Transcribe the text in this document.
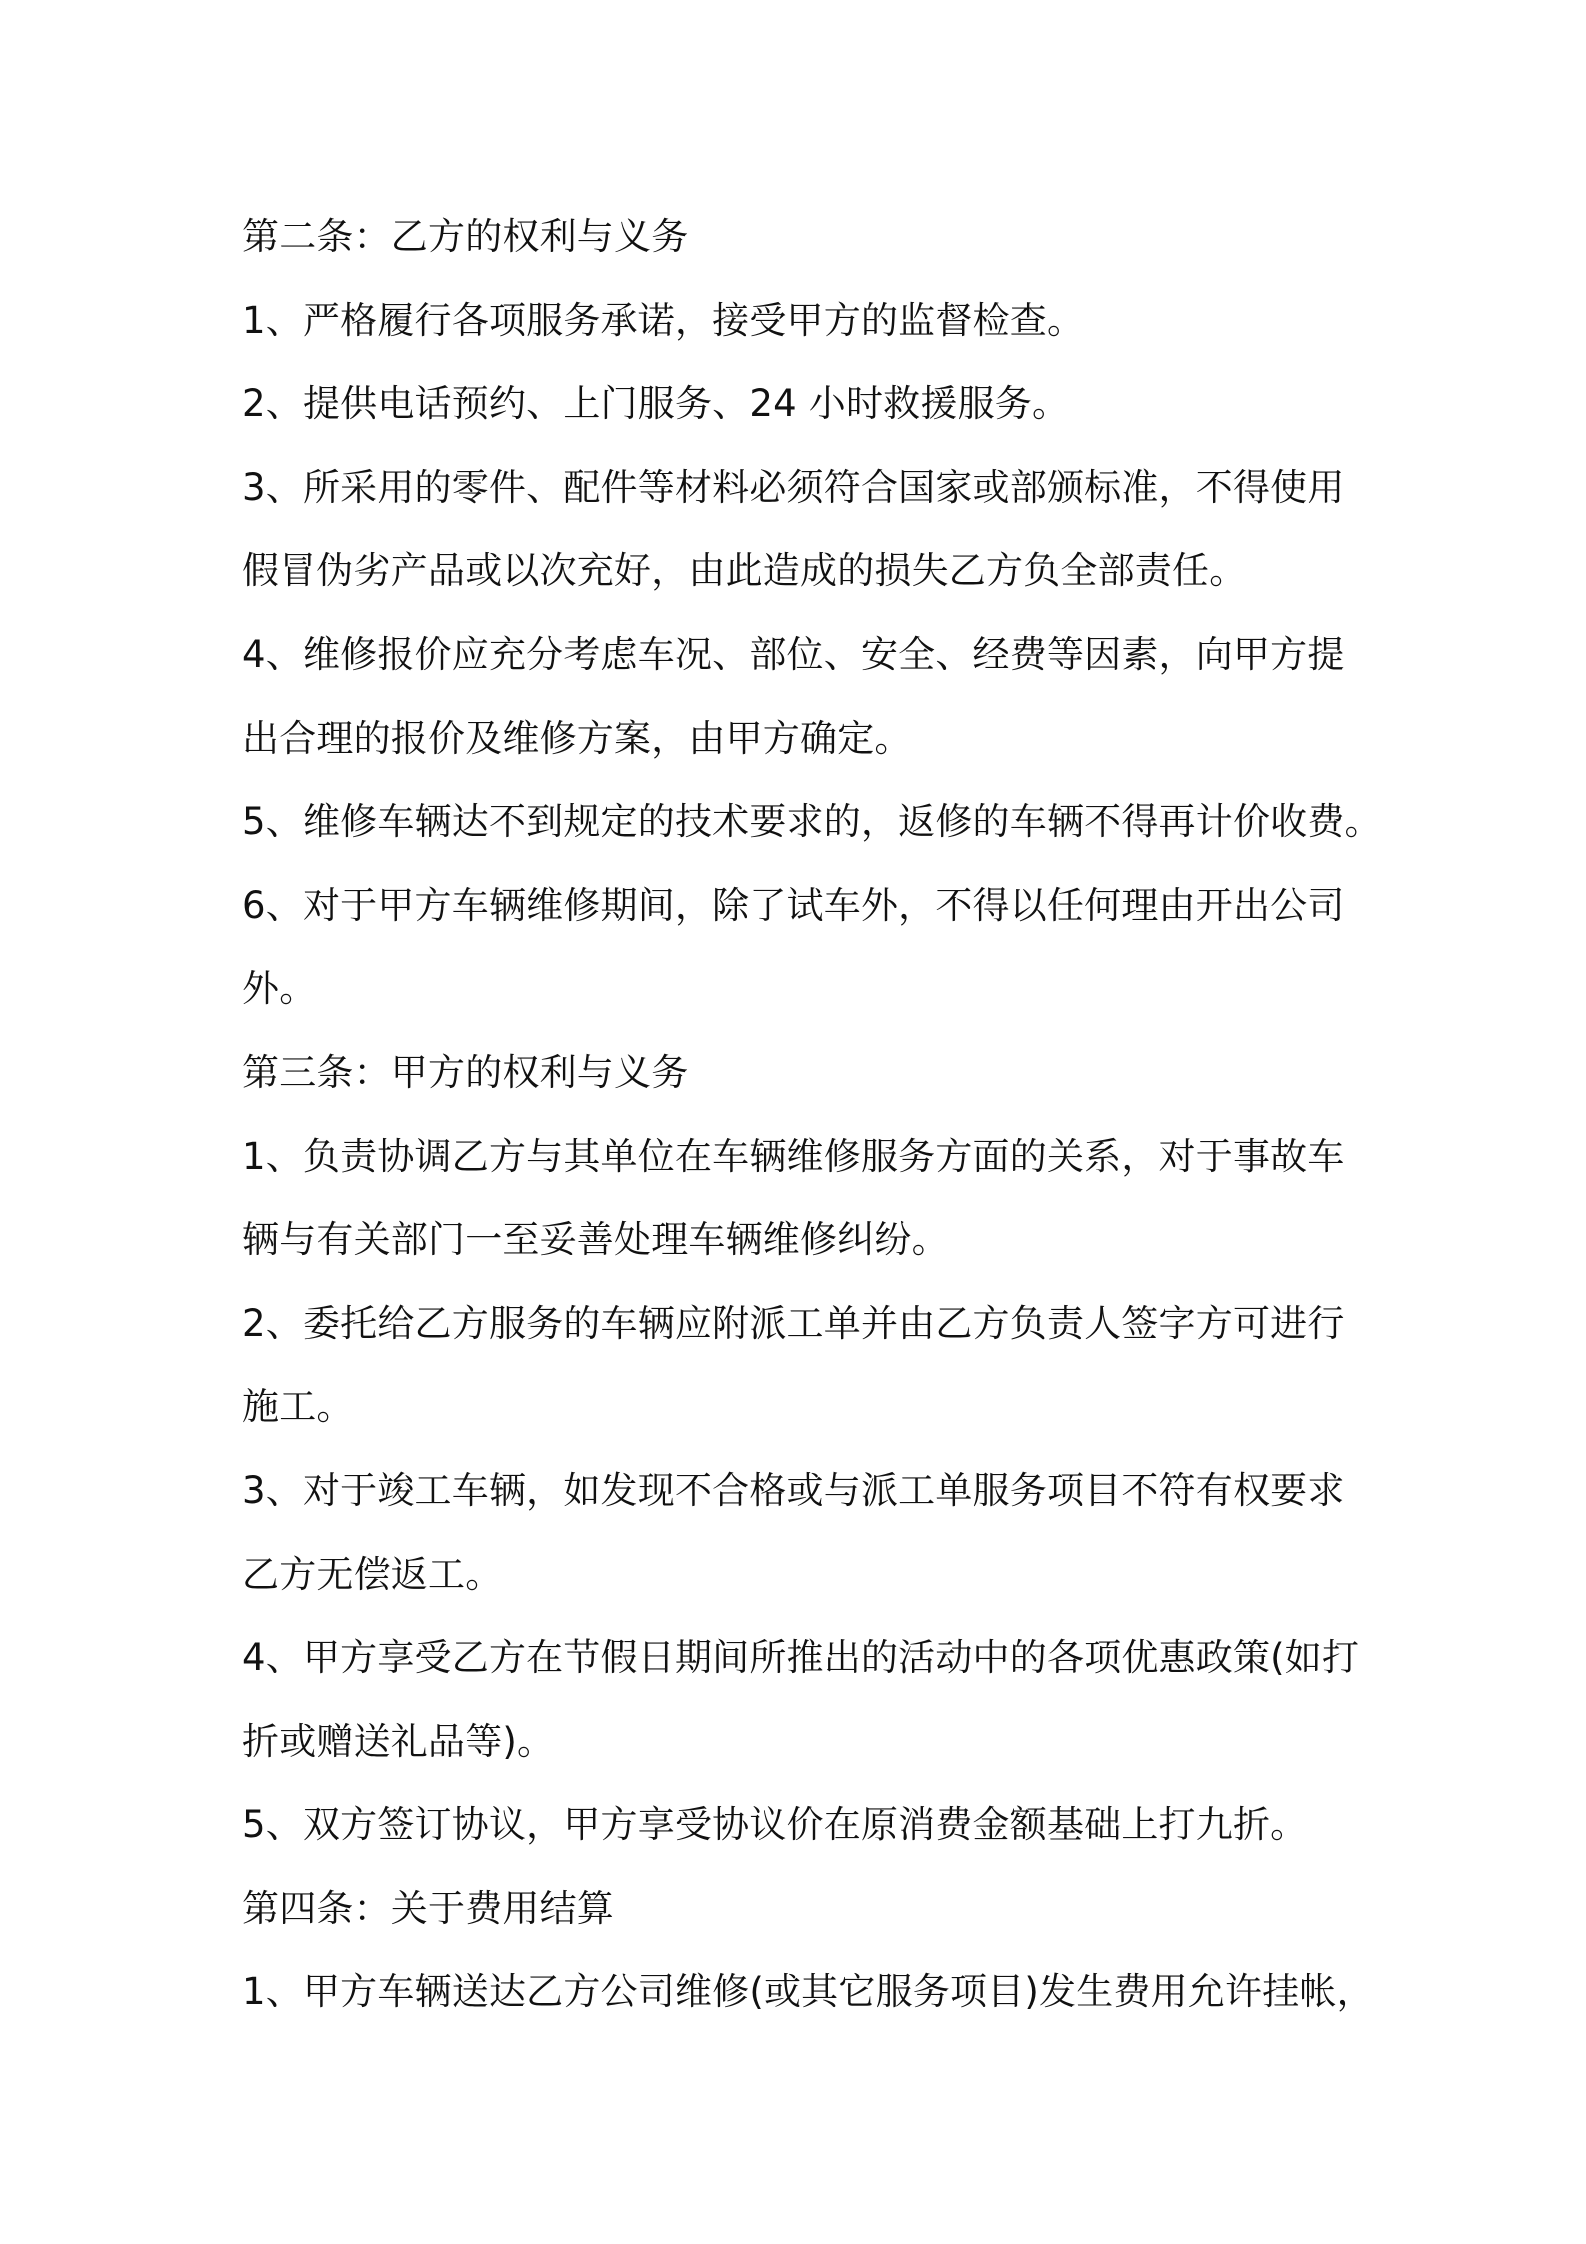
第二条：乙方的权利与义务
1、严格履行各项服务承诺，接受甲方的监督检查。
2、提供电话预约、上门服务、24 小时救援服务。
3、所采用的零件、配件等材料必须符合国家或部颁标准，不得使用
假冒伪劣产品或以次充好，由此造成的损失乙方负全部责任。
4、维修报价应充分考虑车况、部位、安全、经费等因素，向甲方提
出合理的报价及维修方案，由甲方确定。
5、维修车辆达不到规定的技术要求的，返修的车辆不得再计价收费。
6、对于甲方车辆维修期间，除了试车外，不得以任何理由开出公司
外。
第三条：甲方的权利与义务
1、负责协调乙方与其单位在车辆维修服务方面的关系，对于事故车
辆与有关部门一至妥善处理车辆维修纠纷。
2、委托给乙方服务的车辆应附派工单并由乙方负责人签字方可进行
施工。
3、对于竣工车辆，如发现不合格或与派工单服务项目不符有权要求
乙方无偿返工。
4、甲方享受乙方在节假日期间所推出的活动中的各项优惠政策(如打
折或赠送礼品等)。
5、双方签订协议，甲方享受协议价在原消费金额基础上打九折。
第四条：关于费用结算
1、甲方车辆送达乙方公司维修(或其它服务项目)发生费用允许挂帐，
